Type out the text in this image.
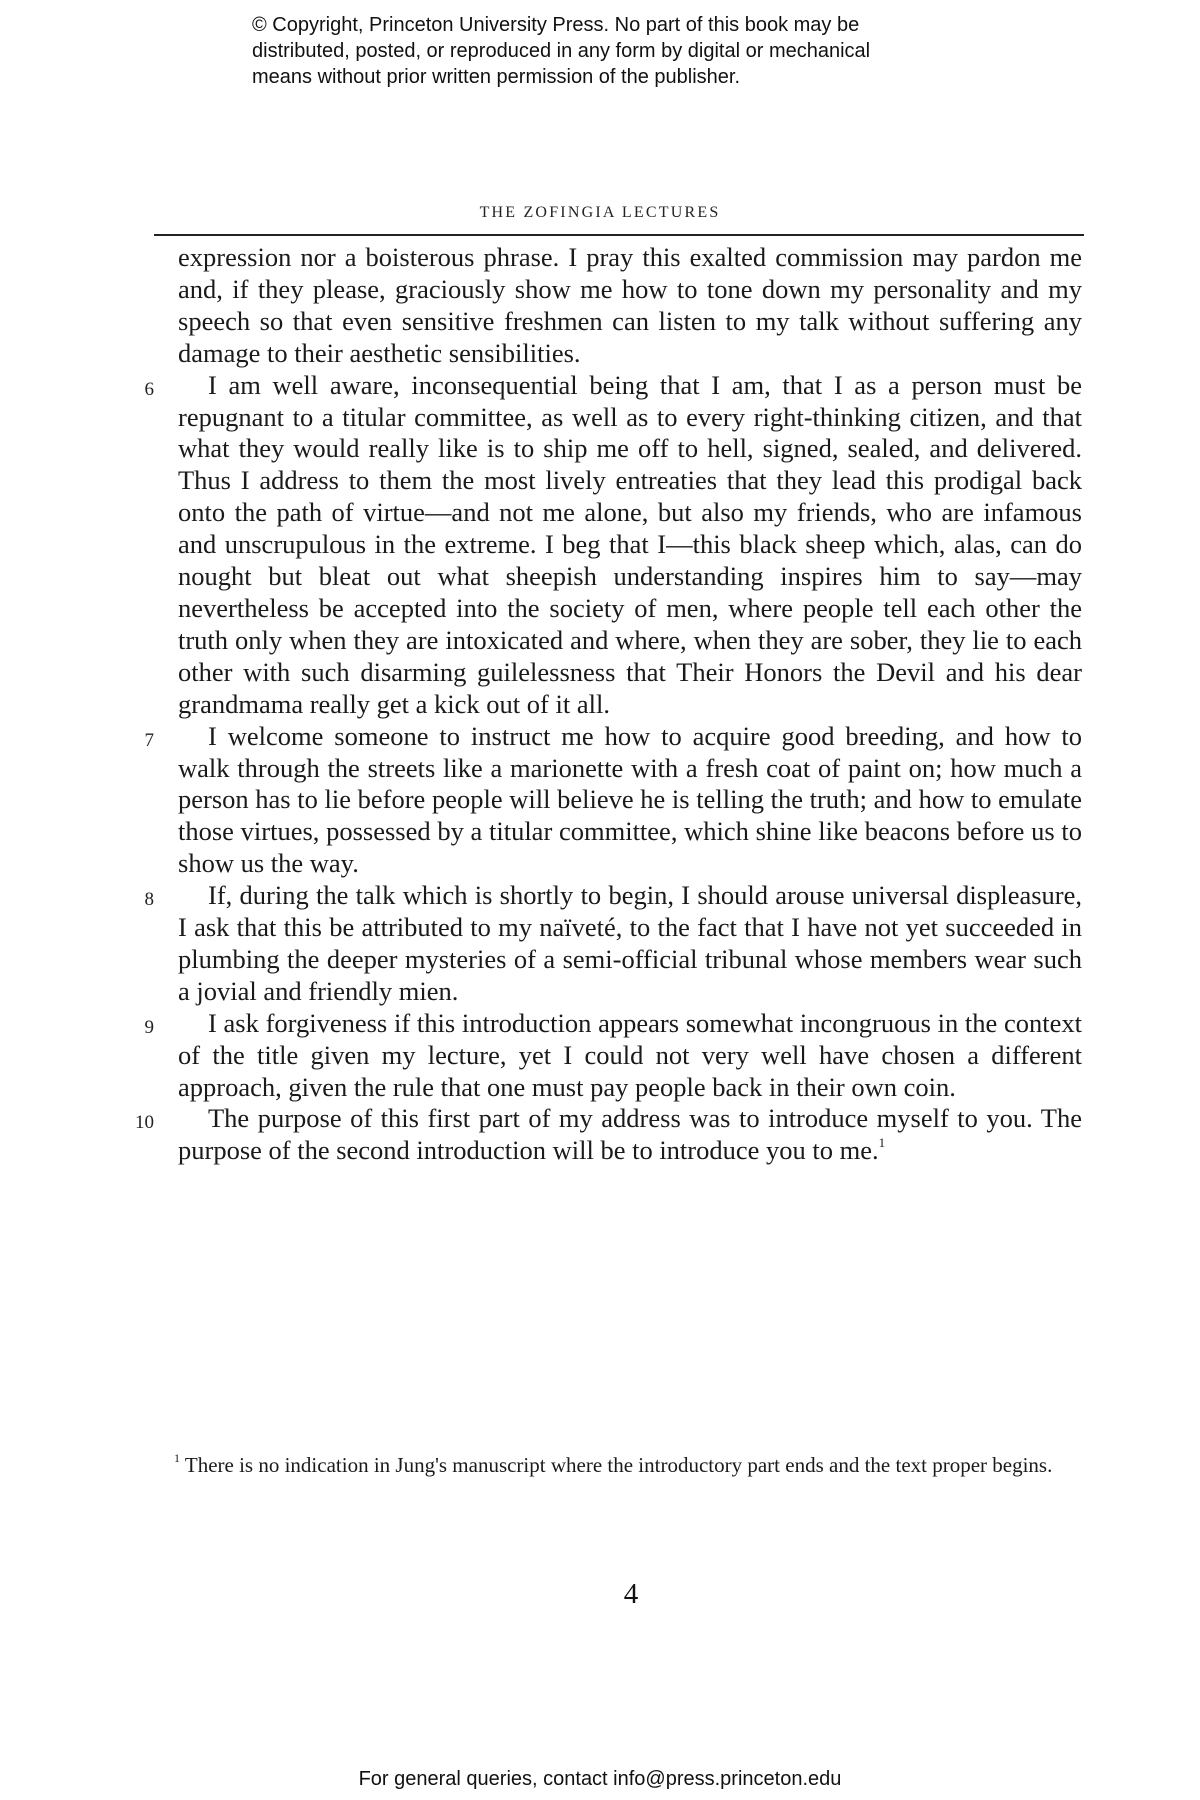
© Copyright, Princeton University Press. No part of this book may be
distributed, posted, or reproduced in any form by digital or mechanical
means without prior written permission of the publisher.
THE ZOFINGIA LECTURES

expression nor a boisterous phrase. I pray this exalted commission may pardon me and, if they please, graciously show me how to tone down my personality and my speech so that even sensitive freshmen can listen to my talk without suffering any damage to their aesthetic sensibilities.

6 I am well aware, inconsequential being that I am, that I as a person must be repugnant to a titular committee, as well as to every right-thinking citizen, and that what they would really like is to ship me off to hell, signed, sealed, and delivered. Thus I address to them the most lively entreaties that they lead this prodigal back onto the path of virtue—and not me alone, but also my friends, who are infamous and unscrupulous in the extreme. I beg that I—this black sheep which, alas, can do nought but bleat out what sheepish understanding inspires him to say—may nevertheless be accepted into the society of men, where people tell each other the truth only when they are intoxicated and where, when they are sober, they lie to each other with such disarming guilelessness that Their Honors the Devil and his dear grandmama really get a kick out of it all.

7 I welcome someone to instruct me how to acquire good breeding, and how to walk through the streets like a marionette with a fresh coat of paint on; how much a person has to lie before people will believe he is telling the truth; and how to emulate those virtues, possessed by a titular committee, which shine like beacons before us to show us the way.

8 If, during the talk which is shortly to begin, I should arouse universal displeasure, I ask that this be attributed to my naïveté, to the fact that I have not yet succeeded in plumbing the deeper mysteries of a semi-official tribunal whose members wear such a jovial and friendly mien.

9 I ask forgiveness if this introduction appears somewhat incongruous in the context of the title given my lecture, yet I could not very well have chosen a different approach, given the rule that one must pay people back in their own coin.

10 The purpose of this first part of my address was to introduce myself to you. The purpose of the second introduction will be to introduce you to me.$^1$

$^1$ There is no indication in Jung's manuscript where the introductory part ends and the text proper begins.
4
For general queries, contact info@press.princeton.edu
